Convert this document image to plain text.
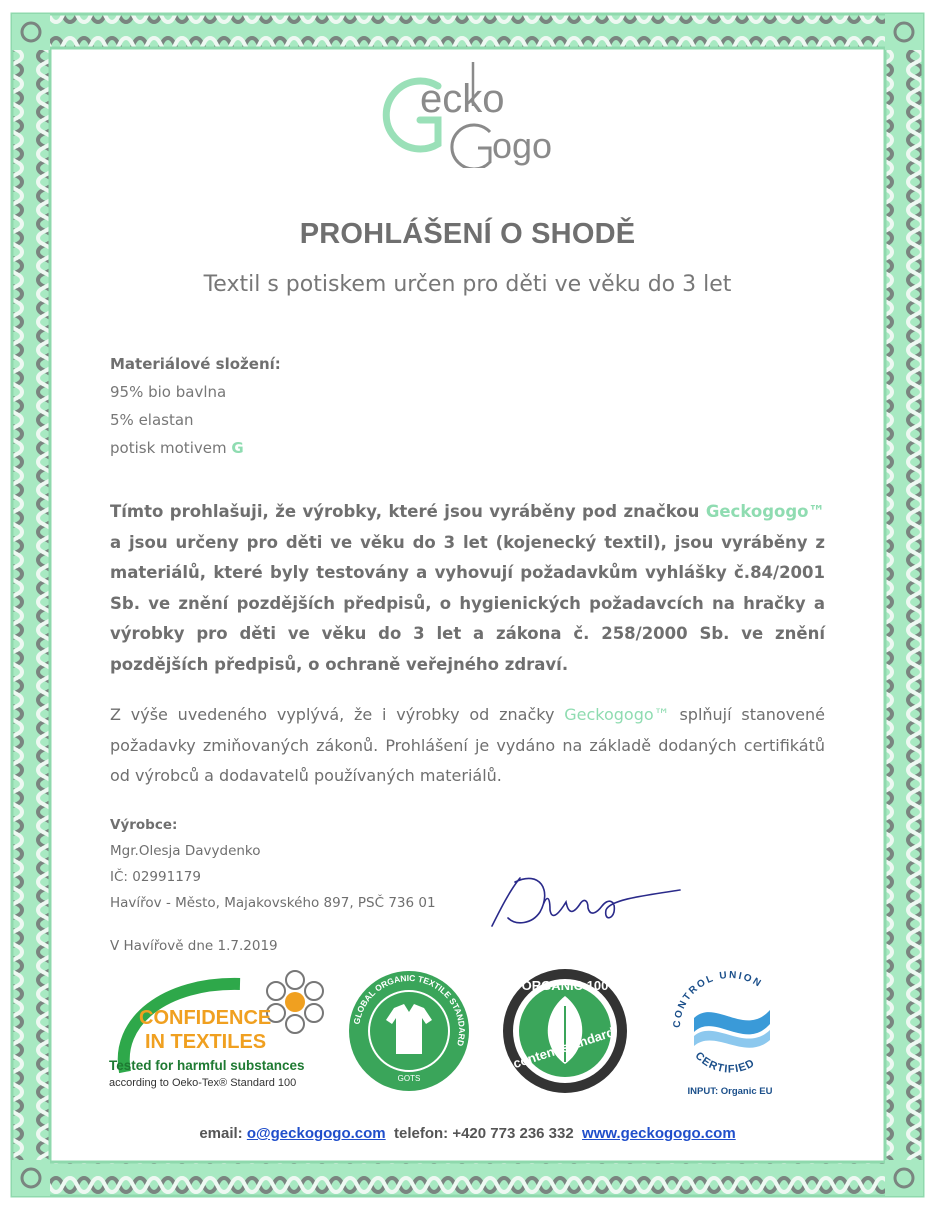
ecko
ogo
PROHLÁŠENÍ O SHODĚ
Textil s potiskem určen pro děti ve věku do 3 let
Materiálové složení:
95% bio bavlna
5% elastan
potisk motivem G
Tímto prohlašuji, že výrobky, které jsou vyráběny pod značkou Geckogogo™ a jsou určeny pro děti ve věku do 3 let (kojenecký textil), jsou vyráběny z materiálů, které byly testovány a vyhovují požadavkům vyhlášky č.84/2001 Sb. ve znění pozdějších předpisů, o hygienických požadavcích na hračky a výrobky pro děti ve věku do 3 let a zákona č. 258/2000 Sb. ve znění pozdějších předpisů, o ochraně veřejného zdraví.
Z výše uvedeného vyplývá, že i výrobky od značky Geckogogo™ splňují stanovené požadavky zmiňovaných zákonů. Prohlášení je vydáno na základě dodaných certifikátů od výrobců a dodavatelů používaných materiálů.
Výrobce:
Mgr.Olesja Davydenko
IČ: 02991179
Havířov - Město, Majakovského 897, PSČ 736 01
V Havířově dne 1.7.2019
CONFIDENCE
IN TEXTILES
Tested for harmful substances
according to Oeko-Tex® Standard 100
GLOBAL ORGANIC TEXTILE STANDARD
GOTS
ORGANIC 100
content standard
CONTROL UNION
CERTIFIED
INPUT: Organic EU
email: o@geckogogo.com telefon: +420 773 236 332 www.geckogogo.com
